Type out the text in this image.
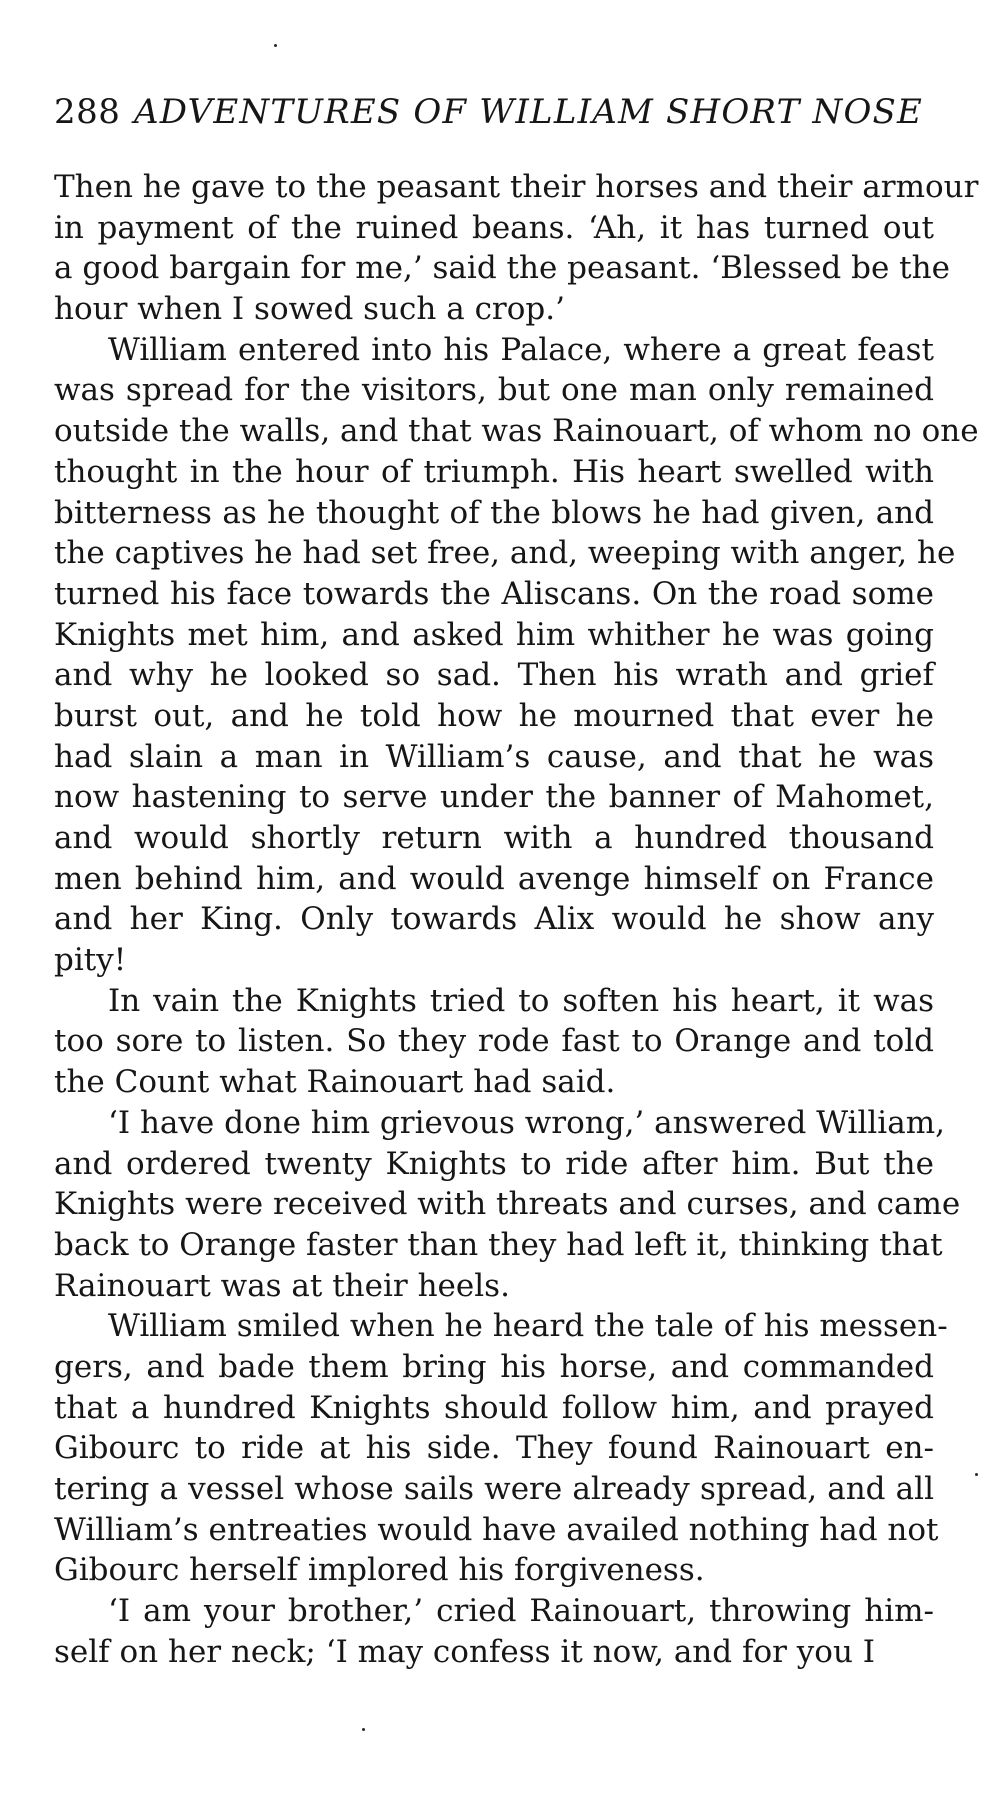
288 ADVENTURES OF WILLIAM SHORT NOSE
Then he gave to the peasant their horses and their armour
in payment of the ruined beans. ‘Ah, it has turned out
a good bargain for me,’ said the peasant. ‘Blessed be the
hour when I sowed such a crop.’
William entered into his Palace, where a great feast
was spread for the visitors, but one man only remained
outside the walls, and that was Rainouart, of whom no one
thought in the hour of triumph. His heart swelled with
bitterness as he thought of the blows he had given, and
the captives he had set free, and, weeping with anger, he
turned his face towards the Aliscans. On the road some
Knights met him, and asked him whither he was going
and why he looked so sad. Then his wrath and grief
burst out, and he told how he mourned that ever he
had slain a man in William’s cause, and that he was
now hastening to serve under the banner of Mahomet,
and would shortly return with a hundred thousand
men behind him, and would avenge himself on France
and her King. Only towards Alix would he show any
pity!
In vain the Knights tried to soften his heart, it was
too sore to listen. So they rode fast to Orange and told
the Count what Rainouart had said.
‘I have done him grievous wrong,’ answered William,
and ordered twenty Knights to ride after him. But the
Knights were received with threats and curses, and came
back to Orange faster than they had left it, thinking that
Rainouart was at their heels.
William smiled when he heard the tale of his messen-
gers, and bade them bring his horse, and commanded
that a hundred Knights should follow him, and prayed
Gibourc to ride at his side. They found Rainouart en-
tering a vessel whose sails were already spread, and all
William’s entreaties would have availed nothing had not
Gibourc herself implored his forgiveness.
‘I am your brother,’ cried Rainouart, throwing him-
self on her neck; ‘I may confess it now, and for you I
